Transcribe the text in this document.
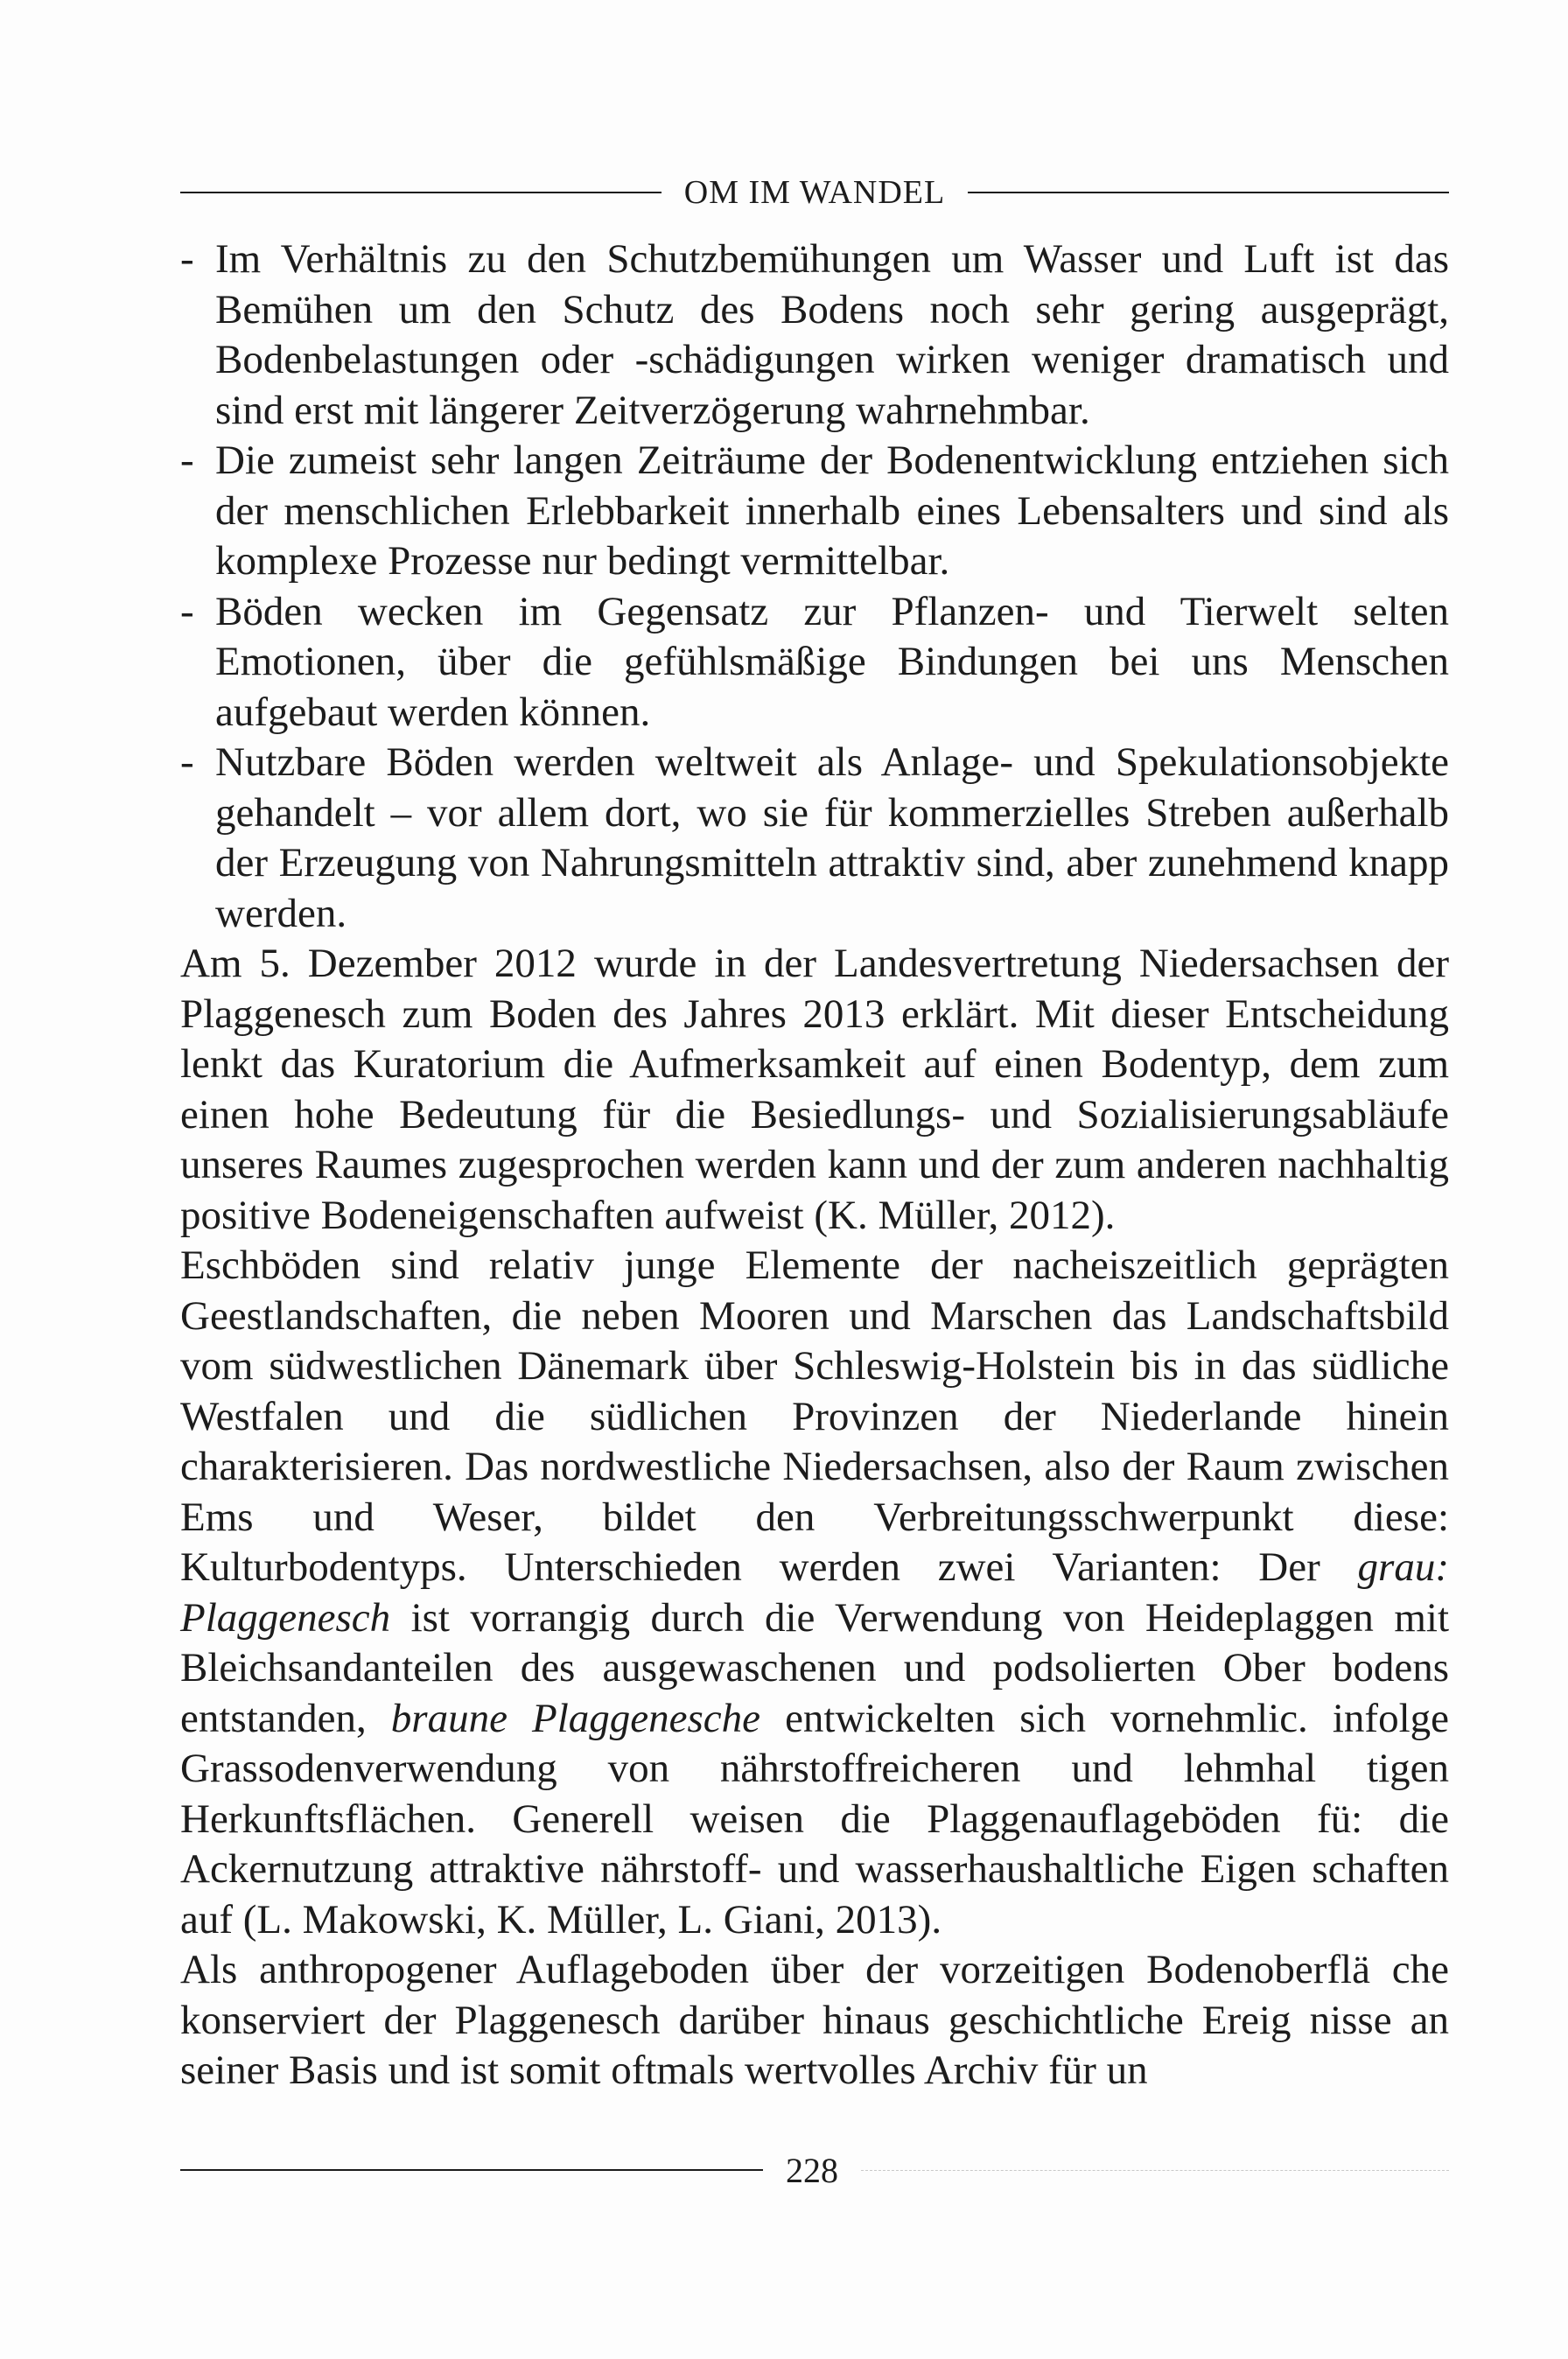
OM IM WANDEL
- Im Verhältnis zu den Schutzbemühungen um Wasser und Luft ist das Bemühen um den Schutz des Bodens noch sehr gering ausgeprägt, Bodenbelastungen oder -schädigungen wirken weniger dramatisch und sind erst mit längerer Zeitverzögerung wahrnehmbar.
- Die zumeist sehr langen Zeiträume der Bodenentwicklung entziehen sich der menschlichen Erlebbarkeit innerhalb eines Lebensalters und sind als komplexe Prozesse nur bedingt vermittelbar.
- Böden wecken im Gegensatz zur Pflanzen- und Tierwelt selten Emotionen, über die gefühlsmäßige Bindungen bei uns Menschen aufgebaut werden können.
- Nutzbare Böden werden weltweit als Anlage- und Spekulationsobjekte gehandelt – vor allem dort, wo sie für kommerzielles Streben außerhalb der Erzeugung von Nahrungsmitteln attraktiv sind, aber zunehmend knapp werden.

Am 5. Dezember 2012 wurde in der Landesvertretung Niedersachsen der Plaggenesch zum Boden des Jahres 2013 erklärt. Mit dieser Entscheidung lenkt das Kuratorium die Aufmerksamkeit auf einen Bodentyp, dem zum einen hohe Bedeutung für die Besiedlungs- und Sozialisierungsabläufe unseres Raumes zugesprochen werden kann und der zum anderen nachhaltig positive Bodeneigenschaften aufweist (K. Müller, 2012).

Eschböden sind relativ junge Elemente der nacheiszeitlich geprägten Geestlandschaften, die neben Mooren und Marschen das Landschaftsbild vom südwestlichen Dänemark über Schleswig-Holstein bis in das südliche Westfalen und die südlichen Provinzen der Niederlande hinein charakterisieren. Das nordwestliche Niedersachsen, also der Raum zwischen Ems und Weser, bildet den Verbreitungsschwerpunkt diese: Kulturbodentyps. Unterschieden werden zwei Varianten: Der grau: Plaggenesch ist vorrangig durch die Verwendung von Heideplaggen mit Bleichsandanteilen des ausgewaschenen und podsolierten Ober bodens entstanden, braune Plaggenesche entwickelten sich vornehmlic. infolge Grassodenverwendung von nährstoffreicheren und lehmhal tigen Herkunftsflächen. Generell weisen die Plaggenauflageböden fü: die Ackernutzung attraktive nährstoff- und wasserhaushaltliche Eigen schaften auf (L. Makowski, K. Müller, L. Giani, 2013).

Als anthropogener Auflageboden über der vorzeitigen Bodenoberflä che konserviert der Plaggenesch darüber hinaus geschichtliche Ereig nisse an seiner Basis und ist somit oftmals wertvolles Archiv für un

228
